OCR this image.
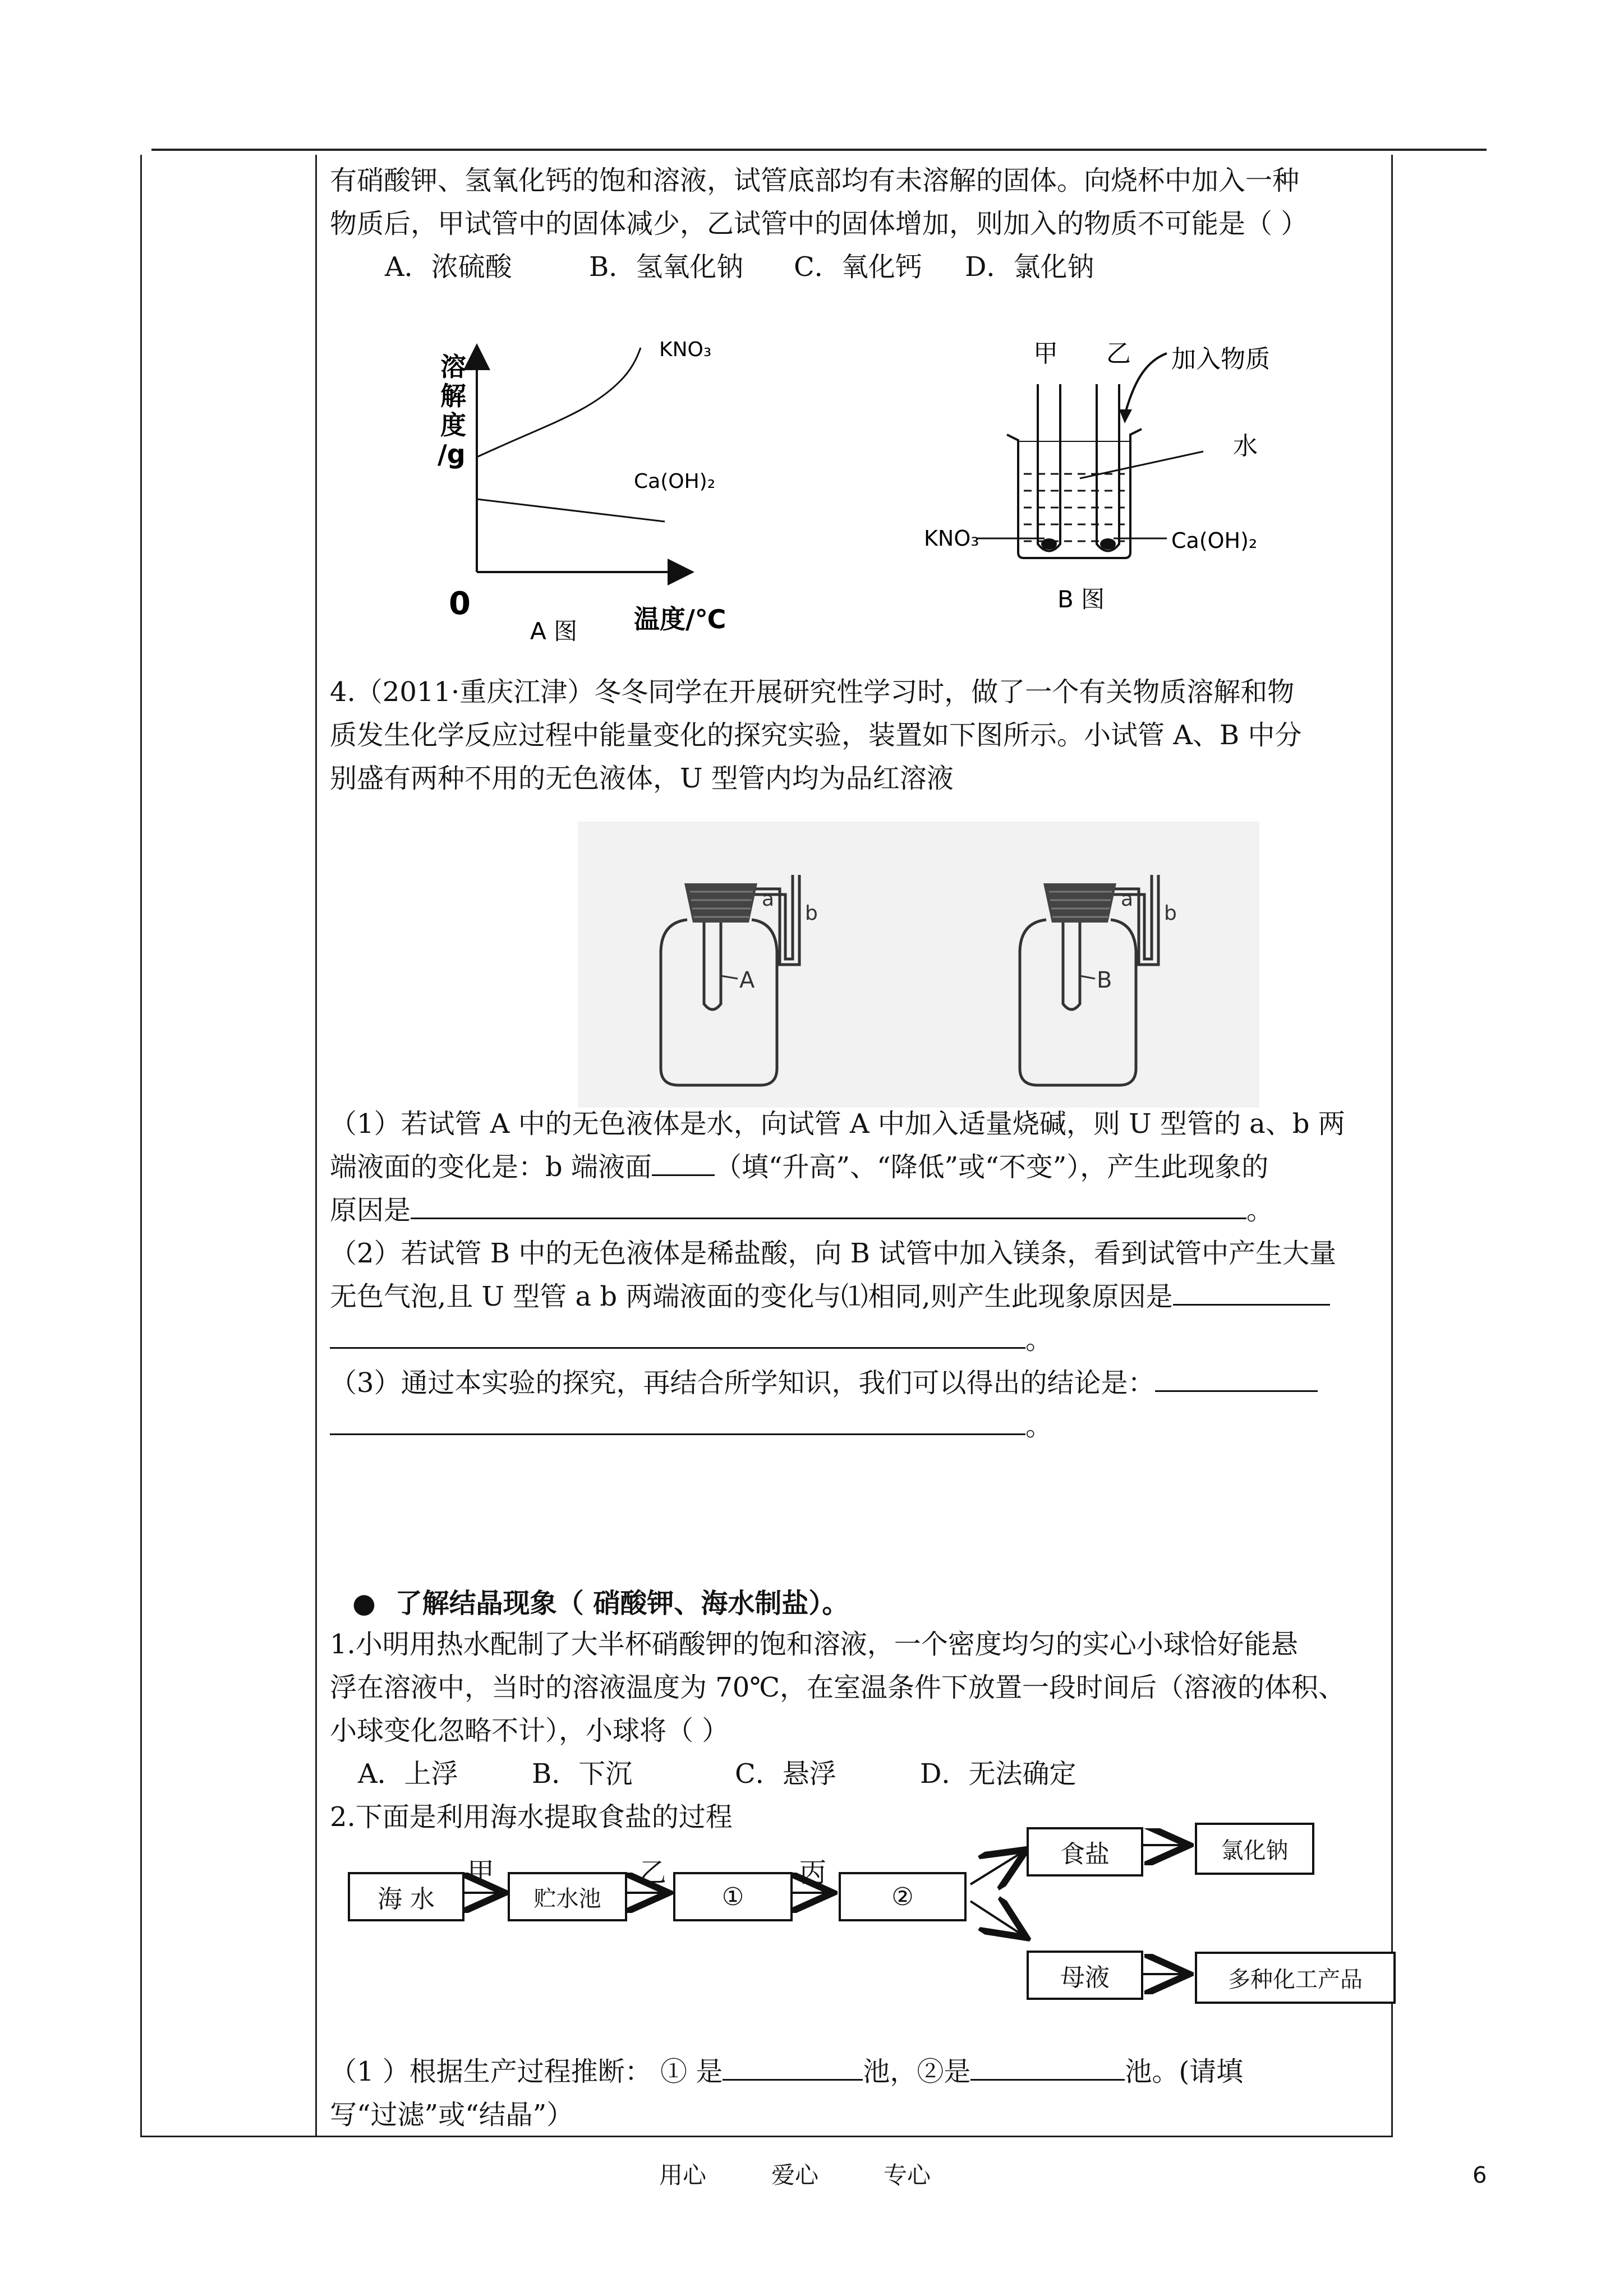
有硝酸钾、氢氧化钙的饱和溶液，试管底部均有未溶解的固体。向烧杯中加入一种
物质后，甲试管中的固体减少，乙试管中的固体增加，则加入的物质不可能是（ ）
A．浓硫酸	B．氢氧化钠 C．氧化钙 D．氯化钠
溶
解
度
/g
0	温度/℃
A 图
KNO₃
Ca(OH)₂
甲 乙 加入物质
水
KNO₃	Ca(OH)₂
B 图
4.（2011·重庆江津）冬冬同学在开展研究性学习时，做了一个有关物质溶解和物
质发生化学反应过程中能量变化的探究实验，装置如下图所示。小试管 A、B 中分
别盛有两种不用的无色液体，U 型管内均为品红溶液
A
a
b
B
a
b
（1）若试管 A 中的无色液体是水，向试管 A 中加入适量烧碱，则 U 型管的 a、b 两
端液面的变化是：b 端液面 （填“升高”、“降低”或“不变”），产生此现象的
原因是	。
（2）若试管 B 中的无色液体是稀盐酸，向 B 试管中加入镁条，看到试管中产生大量
无色气泡,且 U 型管 a b 两端液面的变化与⑴相同,则产生此现象原因是
。
（3）通过本实验的探究，再结合所学知识，我们可以得出的结论是：
。
● 了解结晶现象（ 硝酸钾、海水制盐）。
1.小明用热水配制了大半杯硝酸钾的饱和溶液，一个密度均匀的实心小球恰好能悬
浮在溶液中，当时的溶液温度为 70℃，在室温条件下放置一段时间后（溶液的体积、
小球变化忽略不计），小球将（ ）
A．上浮	B．下沉	C．悬浮	D．无法确定
2.下面是利用海水提取食盐的过程
甲	乙	丙
海 水	贮水池	①	②
食盐	氯化钠
母液	多种化工产品
（1 ）根据生产过程推断： ① 是	池，②是	池。(请填
写“过滤”或“结晶”）
用心	爱心	专心	6
